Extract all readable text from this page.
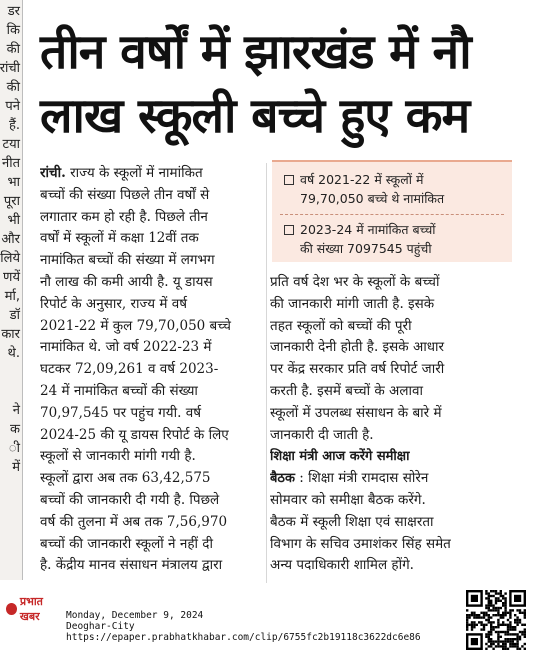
डर
कि
की
रांची
की
पने
हैं.
टया
नीत
भा
पूरा
भी
और
लिये
णयें
र्मा,
डॉ
कार
थे.
ने
क
ी
में
तीन वर्षों में झारखंड में नौ
लाख स्कूली बच्चे हुए कम
वर्ष 2021-22 में स्कूलों में
79,70,050 बच्चे थे नामांकित
2023-24 में नामांकित बच्चों
की संख्या 7097545 पहुंची
रांची. राज्य के स्कूलों में नामांकित
बच्चों की संख्या पिछले तीन वर्षों से
लगातार कम हो रही है. पिछले तीन
वर्षों में स्कूलों में कक्षा 12वीं तक
नामांकित बच्चों की संख्या में लगभग
नौ लाख की कमी आयी है. यू डायस
रिपोर्ट के अनुसार, राज्य में वर्ष
2021-22 में कुल 79,70,050 बच्चे
नामांकित थे. जो वर्ष 2022-23 में
घटकर 72,09,261 व वर्ष 2023-
24 में नामांकित बच्चों की संख्या
70,97,545 पर पहुंच गयी. वर्ष
2024-25 की यू डायस रिपोर्ट के लिए
स्कूलों से जानकारी मांगी गयी है.
स्कूलों द्वारा अब तक 63,42,575
बच्चों की जानकारी दी गयी है. पिछले
वर्ष की तुलना में अब तक 7,56,970
बच्चों की जानकारी स्कूलों ने नहीं दी
है. केंद्रीय मानव संसाधन मंत्रालय द्वारा
प्रति वर्ष देश भर के स्कूलों के बच्चों
की जानकारी मांगी जाती है. इसके
तहत स्कूलों को बच्चों की पूरी
जानकारी देनी होती है. इसके आधार
पर केंद्र सरकार प्रति वर्ष रिपोर्ट जारी
करती है. इसमें बच्चों के अलावा
स्कूलों में उपलब्ध संसाधन के बारे में
जानकारी दी जाती है.
शिक्षा मंत्री आज करेंगे समीक्षा
बैठक : शिक्षा मंत्री रामदास सोरेन
सोमवार को समीक्षा बैठक करेंगे.
बैठक में स्कूली शिक्षा एवं साक्षरता
विभाग के सचिव उमाशंकर सिंह समेत
अन्य पदाधिकारी शामिल होंगे.
प्रभात खबर	Monday, December 9, 2024
Deoghar-City
https://epaper.prabhatkhabar.com/clip/6755fc2b19118c3622dc6e86
